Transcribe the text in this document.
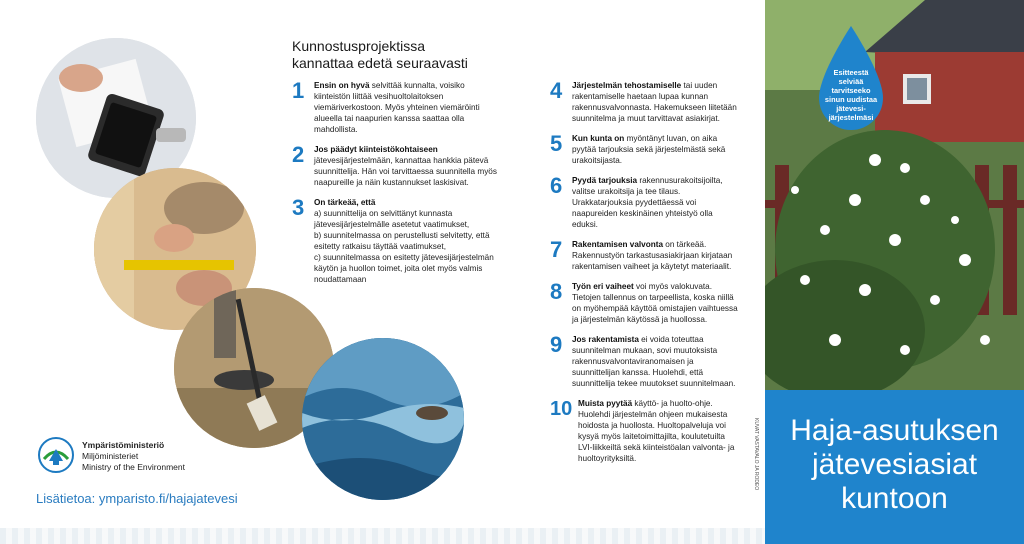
Kunnostusprojektissa
kannattaa edetä seuraavasti
1	Ensin on hyvä selvittää kunnalta, voisiko kiinteistön liittää vesihuoltolaitoksen viemäriverkostoon. Myös yhteinen viemäröinti alueella tai naapurien kanssa saattaa olla mahdollista.
2	Jos päädyt kiinteistökohtaiseen jätevesijärjestelmään, kannattaa hankkia pätevä suunnittelija. Hän voi tarvittaessa suunnitella myös naapureille ja näin kustannukset laskisivat.
3	On tärkeää, että
a) suunnittelija on selvittänyt kunnasta jätevesijärjestelmälle asetetut vaatimukset,
b) suunnitelmassa on perustellusti selvitetty, että esitetty ratkaisu täyttää vaatimukset,
c) suunnitelmassa on esitetty jätevesijärjestelmän käytön ja huollon toimet, joita olet myös valmis noudattamaan
4	Järjestelmän tehostamiselle tai uuden rakentamiselle haetaan lupaa kunnan rakennusvalvonnasta. Hakemukseen liitetään suunnitelma ja muut tarvittavat asiakirjat.
5	Kun kunta on myöntänyt luvan, on aika pyytää tarjouksia sekä järjestelmästä sekä urakoitsijasta.
6	Pyydä tarjouksia rakennusurakoitsijoilta, valitse urakoitsija ja tee tilaus. Urakkatarjouksia pyydettäessä voi naapureiden keskinäinen yhteistyö olla eduksi.
7	Rakentamisen valvonta on tärkeää. Rakennustyön tarkastusasiakirjaan kirjataan rakentamisen vaiheet ja käytetyt materiaalit.
8	Työn eri vaiheet voi myös valokuvata. Tietojen tallennus on tarpeellista, koska niillä on myöhempää käyttöä omistajien vaihtuessa ja järjestelmän käytössä ja huollossa.
9	Jos rakentamista ei voida toteuttaa suunnitelman mukaan, sovi muutoksista rakennusvalvontaviranomaisen ja suunnittelijan kanssa. Huolehdi, että suunnittelija tekee muutokset suunnitelmaan.
10 Muista pyytää käyttö- ja huolto-ohje. Huolehdi järjestelmän ohjeen mukaisesta hoidosta ja huollosta. Huoltopalveluja voi kysyä myös laitetoimittajilta, koulutetuilta LVI-liikkeiltä sekä kiinteistöalan valvonta- ja huoltoyrityksiltä.
Ympäristöministeriö
Miljöministeriet
Ministry of the Environment
Lisätietoa: ymparisto.fi/hajajatevesi
KUVAT VASTAVALO JA RODEO
Esitteestä
selviää
tarvitseeko
sinun uudistaa
jätevesi-
järjestelmäsi
Haja-asutuksen
jätevesiasiat
kuntoon
